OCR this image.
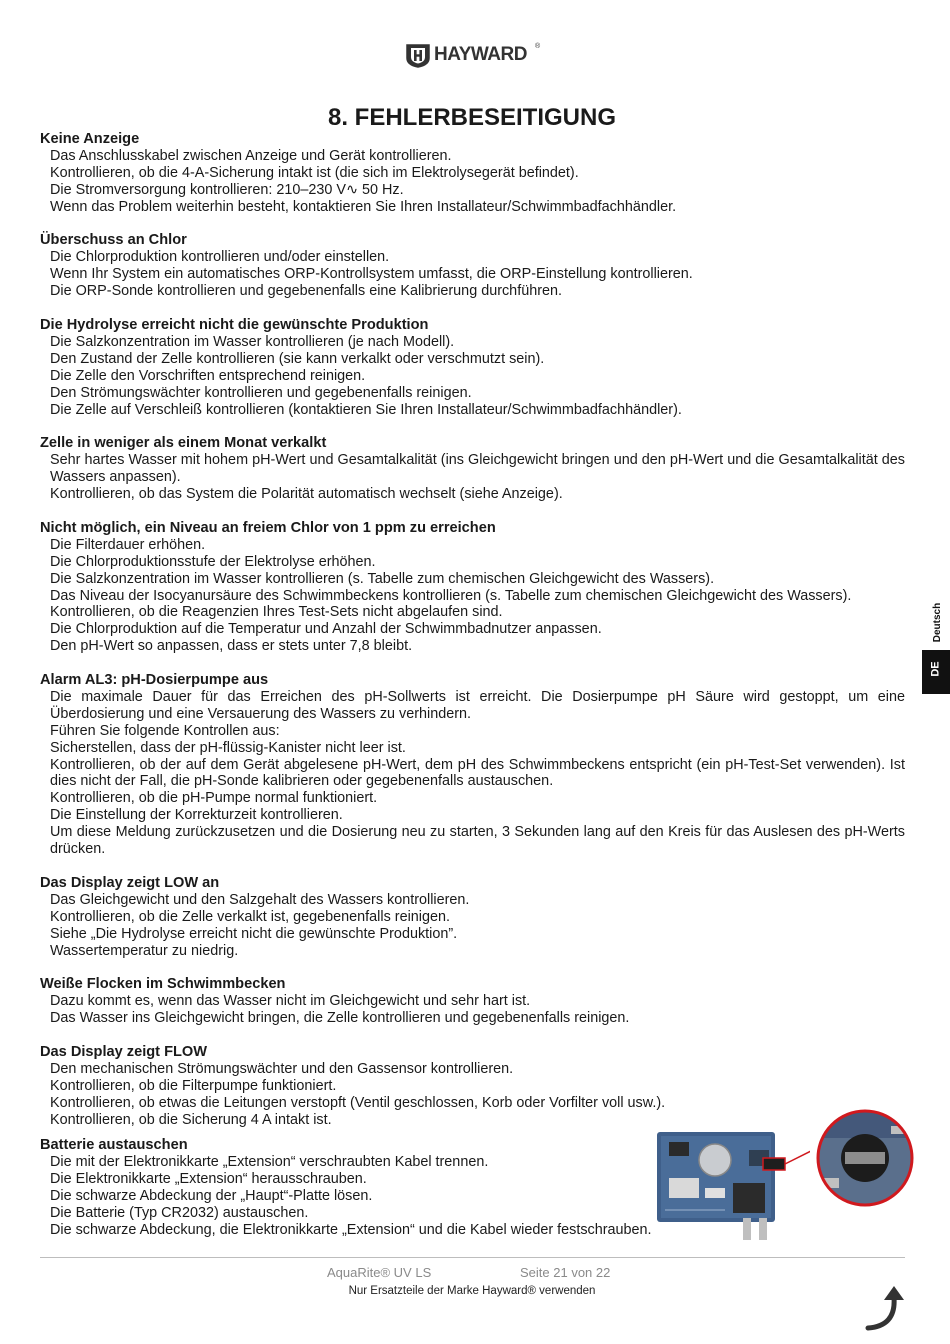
HAYWARD ®
8. FEHLERBESEITIGUNG
Keine Anzeige
Das Anschlusskabel zwischen Anzeige und Gerät kontrollieren.
Kontrollieren, ob die 4-A-Sicherung intakt ist (die sich im Elektrolysegerät befindet).
Die Stromversorgung kontrollieren: 210–230 V∿ 50 Hz.
Wenn das Problem weiterhin besteht, kontaktieren Sie Ihren Installateur/Schwimmbadfachhändler.
Überschuss an Chlor
Die Chlorproduktion kontrollieren und/oder einstellen.
Wenn Ihr System ein automatisches ORP-Kontrollsystem umfasst, die ORP-Einstellung kontrollieren.
Die ORP-Sonde kontrollieren und gegebenenfalls eine Kalibrierung durchführen.
Die Hydrolyse erreicht nicht die gewünschte Produktion
Die Salzkonzentration im Wasser kontrollieren (je nach Modell).
Den Zustand der Zelle kontrollieren (sie kann verkalkt oder verschmutzt sein).
Die Zelle den Vorschriften entsprechend reinigen.
Den Strömungswächter kontrollieren und gegebenenfalls reinigen.
Die Zelle auf Verschleiß kontrollieren (kontaktieren Sie Ihren Installateur/Schwimmbadfachhändler).
Zelle in weniger als einem Monat verkalkt
Sehr hartes Wasser mit hohem pH-Wert und Gesamtalkalität (ins Gleichgewicht bringen und den pH-Wert und die Gesamtalkalität des Wassers anpassen).
Kontrollieren, ob das System die Polarität automatisch wechselt (siehe Anzeige).
Nicht möglich, ein Niveau an freiem Chlor von 1 ppm zu erreichen
Die Filterdauer erhöhen.
Die Chlorproduktionsstufe der Elektrolyse erhöhen.
Die Salzkonzentration im Wasser kontrollieren (s. Tabelle zum chemischen Gleichgewicht des Wassers).
Das Niveau der Isocyanursäure des Schwimmbeckens kontrollieren (s. Tabelle zum chemischen Gleichgewicht des Wassers).
Kontrollieren, ob die Reagenzien Ihres Test-Sets nicht abgelaufen sind.
Die Chlorproduktion auf die Temperatur und Anzahl der Schwimmbadnutzer anpassen.
Den pH-Wert so anpassen, dass er stets unter 7,8 bleibt.
Alarm AL3: pH-Dosierpumpe aus
Die maximale Dauer für das Erreichen des pH-Sollwerts ist erreicht. Die Dosierpumpe pH Säure wird gestoppt, um eine Überdosierung und eine Versauerung des Wassers zu verhindern.
Führen Sie folgende Kontrollen aus:
Sicherstellen, dass der pH-flüssig-Kanister nicht leer ist.
Kontrollieren, ob der auf dem Gerät abgelesene pH-Wert, dem pH des Schwimmbeckens entspricht (ein pH-Test-Set verwenden). Ist dies nicht der Fall, die pH-Sonde kalibrieren oder gegebenenfalls austauschen.
Kontrollieren, ob die pH-Pumpe normal funktioniert.
Die Einstellung der Korrekturzeit kontrollieren.
Um diese Meldung zurückzusetzen und die Dosierung neu zu starten, 3 Sekunden lang auf den Kreis für das Auslesen des pH-Werts drücken.
Das Display zeigt LOW an
Das Gleichgewicht und den Salzgehalt des Wassers kontrollieren.
Kontrollieren, ob die Zelle verkalkt ist, gegebenenfalls reinigen.
Siehe „Die Hydrolyse erreicht nicht die gewünschte Produktion”.
Wassertemperatur zu niedrig.
Weiße Flocken im Schwimmbecken
Dazu kommt es, wenn das Wasser nicht im Gleichgewicht und sehr hart ist.
Das Wasser ins Gleichgewicht bringen, die Zelle kontrollieren und gegebenenfalls reinigen.
Das Display zeigt FLOW
Den mechanischen Strömungswächter und den Gassensor kontrollieren.
Kontrollieren, ob die Filterpumpe funktioniert.
Kontrollieren, ob etwas die Leitungen verstopft (Ventil geschlossen, Korb oder Vorfilter voll usw.).
Kontrollieren, ob die Sicherung 4 A intakt ist.
Batterie austauschen
Die mit der Elektronikkarte „Extension“ verschraubten Kabel trennen.
Die Elektronikkarte „Extension“ herausschrauben.
Die schwarze Abdeckung der „Haupt“-Platte lösen.
Die Batterie (Typ CR2032) austauschen.
Die schwarze Abdeckung, die Elektronikkarte „Extension“ und die Kabel wieder festschrauben.
Deutsch
DE
AquaRite® UV LS	Seite 21 von 22
Nur Ersatzteile der Marke Hayward® verwenden
